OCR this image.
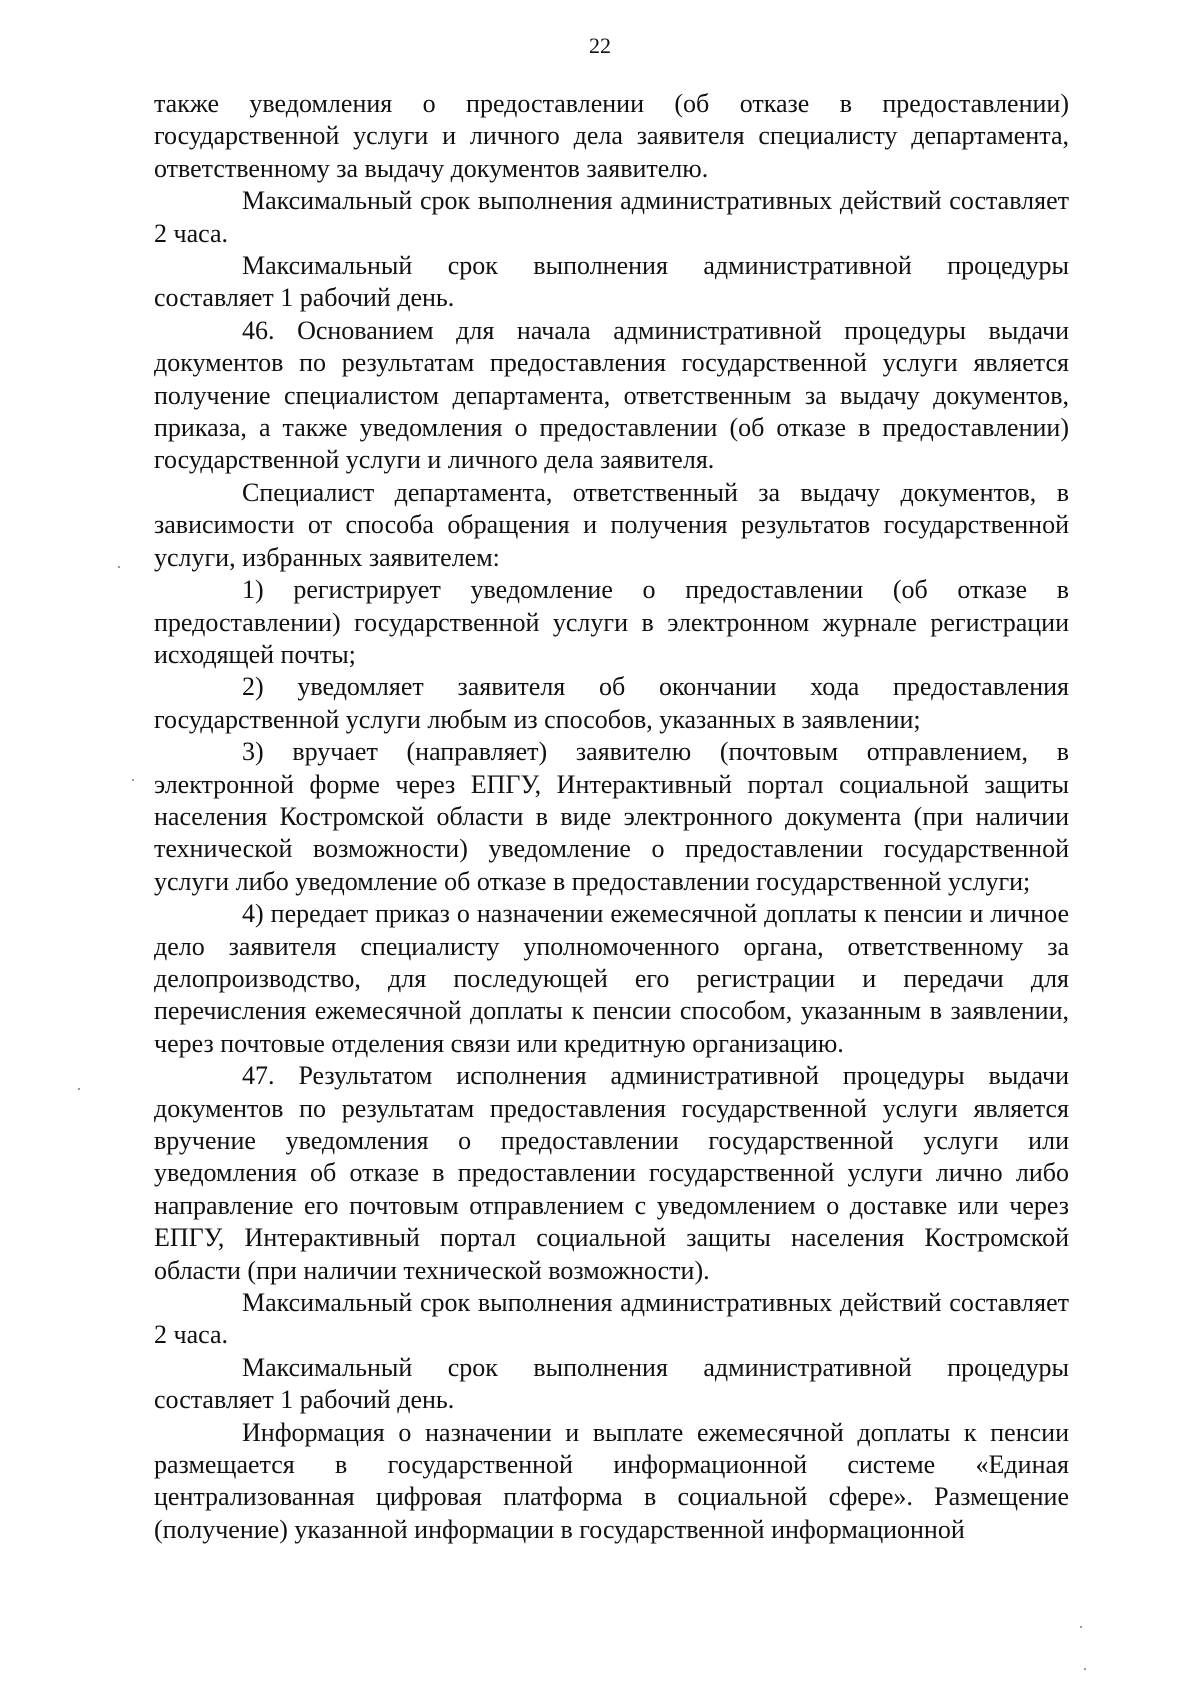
22

также уведомления о предоставлении (об отказе в предоставлении) государственной услуги и личного дела заявителя специалисту департамента, ответственному за выдачу документов заявителю.

Максимальный срок выполнения административных действий составляет 2 часа.

Максимальный срок выполнения административной процедуры составляет 1 рабочий день.

46. Основанием для начала административной процедуры выдачи документов по результатам предоставления государственной услуги является получение специалистом департамента, ответственным за выдачу документов, приказа, а также уведомления о предоставлении (об отказе в предоставлении) государственной услуги и личного дела заявителя.

Специалист департамента, ответственный за выдачу документов, в зависимости от способа обращения и получения результатов государственной услуги, избранных заявителем:

1) регистрирует уведомление о предоставлении (об отказе в предоставлении) государственной услуги в электронном журнале регистрации исходящей почты;

2) уведомляет заявителя об окончании хода предоставления государственной услуги любым из способов, указанных в заявлении;

3) вручает (направляет) заявителю (почтовым отправлением, в электронной форме через ЕПГУ, Интерактивный портал социальной защиты населения Костромской области в виде электронного документа (при наличии технической возможности) уведомление о предоставлении государственной услуги либо уведомление об отказе в предоставлении государственной услуги;

4) передает приказ о назначении ежемесячной доплаты к пенсии и личное дело заявителя специалисту уполномоченного органа, ответственному за делопроизводство, для последующей его регистрации и передачи для перечисления ежемесячной доплаты к пенсии способом, указанным в заявлении, через почтовые отделения связи или кредитную организацию.

47. Результатом исполнения административной процедуры выдачи документов по результатам предоставления государственной услуги является вручение уведомления о предоставлении государственной услуги или уведомления об отказе в предоставлении государственной услуги лично либо направление его почтовым отправлением с уведомлением о доставке или через ЕПГУ, Интерактивный портал социальной защиты населения Костромской области (при наличии технической возможности).

Максимальный срок выполнения административных действий составляет 2 часа.

Максимальный срок выполнения административной процедуры составляет 1 рабочий день.

Информация о назначении и выплате ежемесячной доплаты к пенсии размещается в государственной информационной системе «Единая централизованная цифровая платформа в социальной сфере». Размещение (получение) указанной информации в государственной информационной
